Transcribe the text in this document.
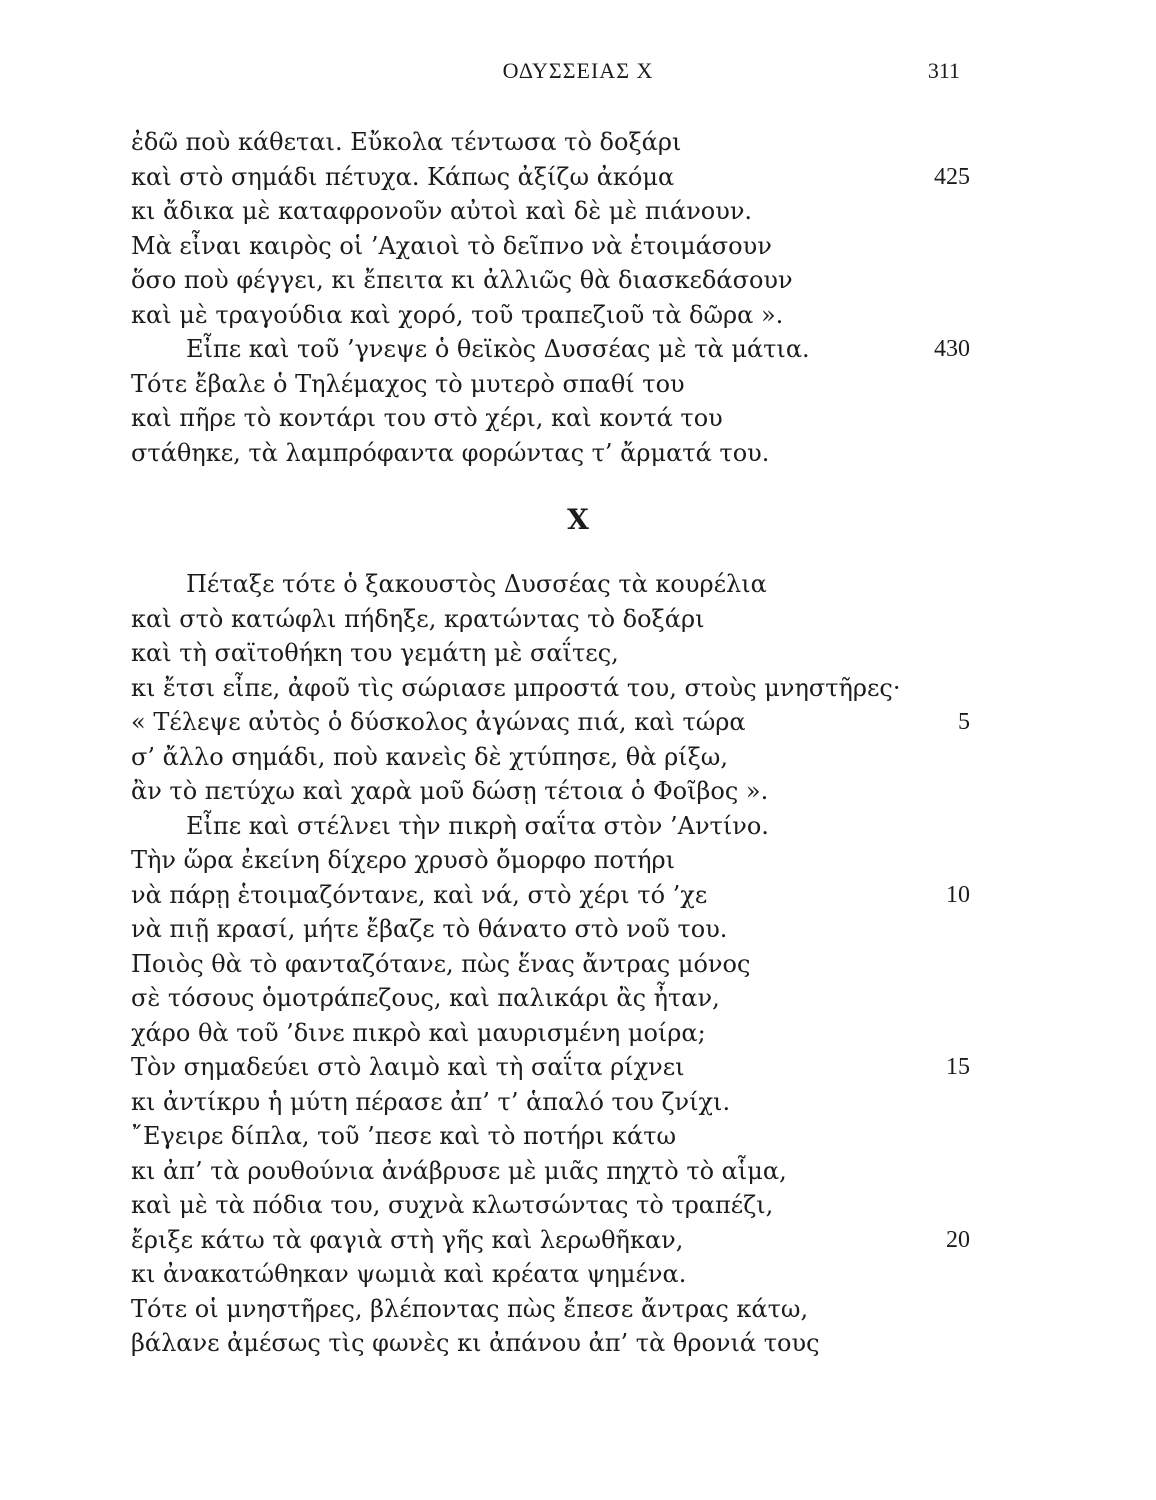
ΟΔΥΣΣΕΙΑΣ Χ	311
ἐδῶ ποὺ κάθεται. Εὔκολα τέντωσα τὸ δοξάρι
καὶ στὸ σημάδι πέτυχα. Κάπως ἀξίζω ἀκόμα	425
κι ἄδικα μὲ καταφρονοῦν αὐτοὶ καὶ δὲ μὲ πιάνουν.
Μὰ εἶναι καιρὸς οἱ ’Αχαιοὶ τὸ δεῖπνο νὰ ἑτοιμάσουν
ὅσο ποὺ φέγγει, κι ἔπειτα κι ἀλλιῶς θὰ διασκεδάσουν
καὶ μὲ τραγούδια καὶ χορό, τοῦ τραπεζιοῦ τὰ δῶρα ».
Εἶπε καὶ τοῦ ’γνεψε ὁ θεϊκὸς Δυσσέας μὲ τὰ μάτια.	430
Τότε ἔβαλε ὁ Τηλέμαχος τὸ μυτερὸ σπαθί του
καὶ πῆρε τὸ κοντάρι του στὸ χέρι, καὶ κοντά του
στάθηκε, τὰ λαμπρόφαντα φορώντας τ’ ἄρματά του.
Χ
Πέταξε τότε ὁ ξακουστὸς Δυσσέας τὰ κουρέλια
καὶ στὸ κατώφλι πήδηξε, κρατώντας τὸ δοξάρι
καὶ τὴ σαϊτοθήκη του γεμάτη μὲ σαΐτες,
κι ἔτσι εἶπε, ἀφοῦ τὶς σώριασε μπροστά του, στοὺς μνηστῆρες·
« Τέλεψε αὐτὸς ὁ δύσκολος ἀγώνας πιά, καὶ τώρα	5
σ’ ἄλλο σημάδι, ποὺ κανεὶς δὲ χτύπησε, θὰ ρίξω,
ἂν τὸ πετύχω καὶ χαρὰ μοῦ δώσῃ τέτοια ὁ Φοῖβος ».
Εἶπε καὶ στέλνει τὴν πικρὴ σαΐτα στὸν ’Αντίνο.
Τὴν ὥρα ἐκείνη δίχερο χρυσὸ ὄμορφο ποτήρι
νὰ πάρῃ ἑτοιμαζόντανε, καὶ νά, στὸ χέρι τό ’χε	10
νὰ πιῇ κρασί, μήτε ἔβαζε τὸ θάνατο στὸ νοῦ του.
Ποιὸς θὰ τὸ φανταζότανε, πὼς ἕνας ἄντρας μόνος
σὲ τόσους ὁμοτράπεζους, καὶ παλικάρι ἂς ἦταν,
χάρο θὰ τοῦ ’δινε πικρὸ καὶ μαυρισμένη μοίρα;
Τὸν σημαδεύει στὸ λαιμὸ καὶ τὴ σαΐτα ρίχνει	15
κι ἀντίκρυ ἡ μύτη πέρασε ἀπ’ τ’ ἁπαλό του ζνίχι.
῎Εγειρε δίπλα, τοῦ ’πεσε καὶ τὸ ποτήρι κάτω
κι ἀπ’ τὰ ρουθούνια ἀνάβρυσε μὲ μιᾶς πηχτὸ τὸ αἷμα,
καὶ μὲ τὰ πόδια του, συχνὰ κλωτσώντας τὸ τραπέζι,
ἔριξε κάτω τὰ φαγιὰ στὴ γῆς καὶ λερωθῆκαν,	20
κι ἀνακατώθηκαν ψωμιὰ καὶ κρέατα ψημένα.
Τότε οἱ μνηστῆρες, βλέποντας πὼς ἔπεσε ἄντρας κάτω,
βάλανε ἀμέσως τὶς φωνὲς κι ἀπάνου ἀπ’ τὰ θρονιά τους
